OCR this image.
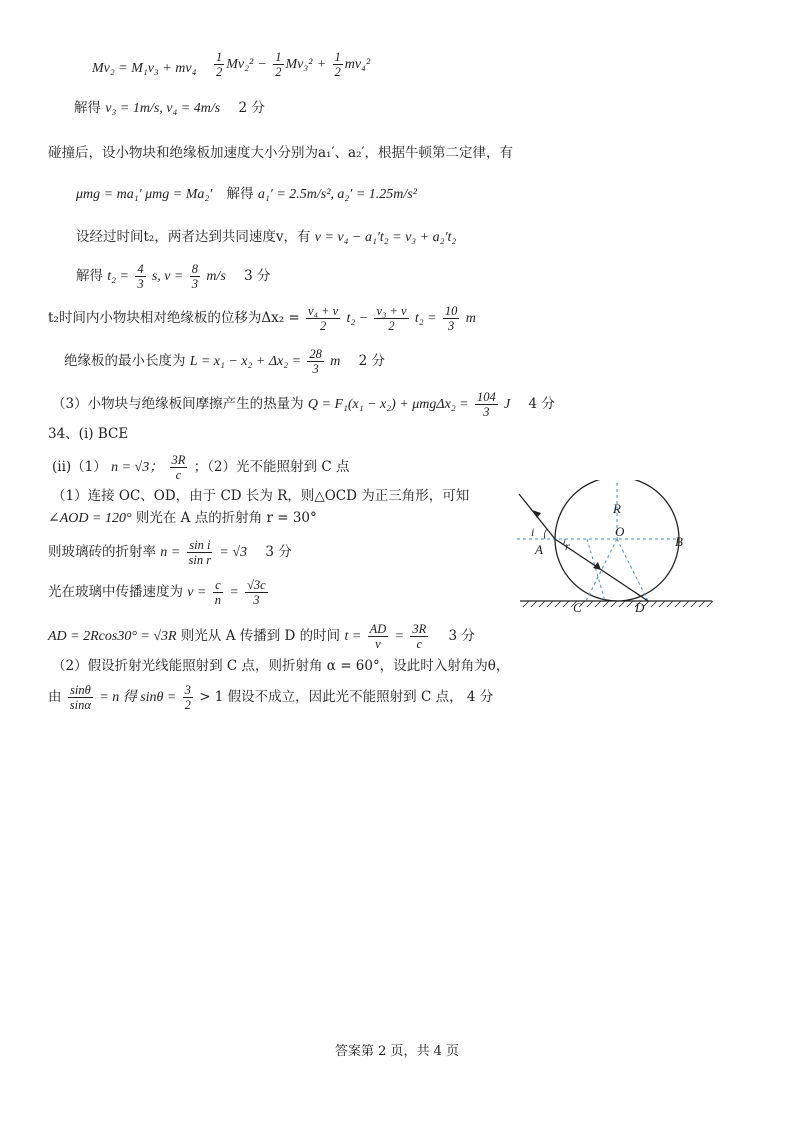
$Mv_2 = M_1v_3 + mv_4 \frac{1}{2} Mv_2^2 - \frac{1}{2} Mv_3^2 + \frac{1}{2} mv_4^2$
解得 v₃ = 1m/s, v₄ = 4m/s 2 分
碰撞后，设小物块和绝缘板加速度大小分别为a₁′、a₂′，根据牛顿第二定律，有
μmg = ma₁′ μmg = Ma₂′ 解得 a₁′ = 2.5m/s², a₂′ = 1.25m/s²
设经过时间t₂，两者达到共同速度v，有 v = v₄ − a₁′t₂ = v₃ + a₂′t₂
解得 $t_2 = \frac{4}{3} s$, $v = \frac{8}{3} m/s$ 3 分
t₂时间内小物块相对绝缘板的位移为$\Delta x_2 = \frac{\text{v₄ + v}}{2} t_2 - \frac{\text{v₃ + v}}{2} t_2 = \frac{10}{3}$ m
绝缘板的最小长度为 $L = x_1 - x_2 + \Delta x_2 = \frac{28}{3}$ m 2 分
（3）小物块与绝缘板间摩擦产生的热量为 $Q = F_1(x_1 - x_2) + \mu mg\Delta x_2 = \frac{104}{3}$ J 4 分
34、(i) BCE
(ii)（1） n = √3； $\frac{3R}{c}$ ；（2）光不能照射到 C 点
（1）连接 OC、OD，由于 CD 长为 R，则△OCD 为正三角形，可知
∠AOD = 120° 则光在 A 点的折射角 r = 30°
则玻璃砖的折射率 $n = \frac{\text{sin i}}{\text{sin r}} = √3$ 3 分
光在玻璃中传播速度为 $v = \frac{c}{n} = \frac{√3c}{3}$
AD = 2Rcos30° = √3R 则光从 A 传播到 D 的时间 $t = \frac{AD}{v} = \frac{3R}{c} 3$ 分
（2）假设折射光线能照射到 C 点，则折射角 α = 60°，设此时入射角为θ，
由 $\frac{\sin\theta}{\sin\alpha} = n$ 得 $\sin\theta = \frac{3}{2} > 1$ 假设不成立，因此光不能照射到 C 点， 4 分
R
O
A
B
C	D
i
r
答案第 2 页，共 4 页
